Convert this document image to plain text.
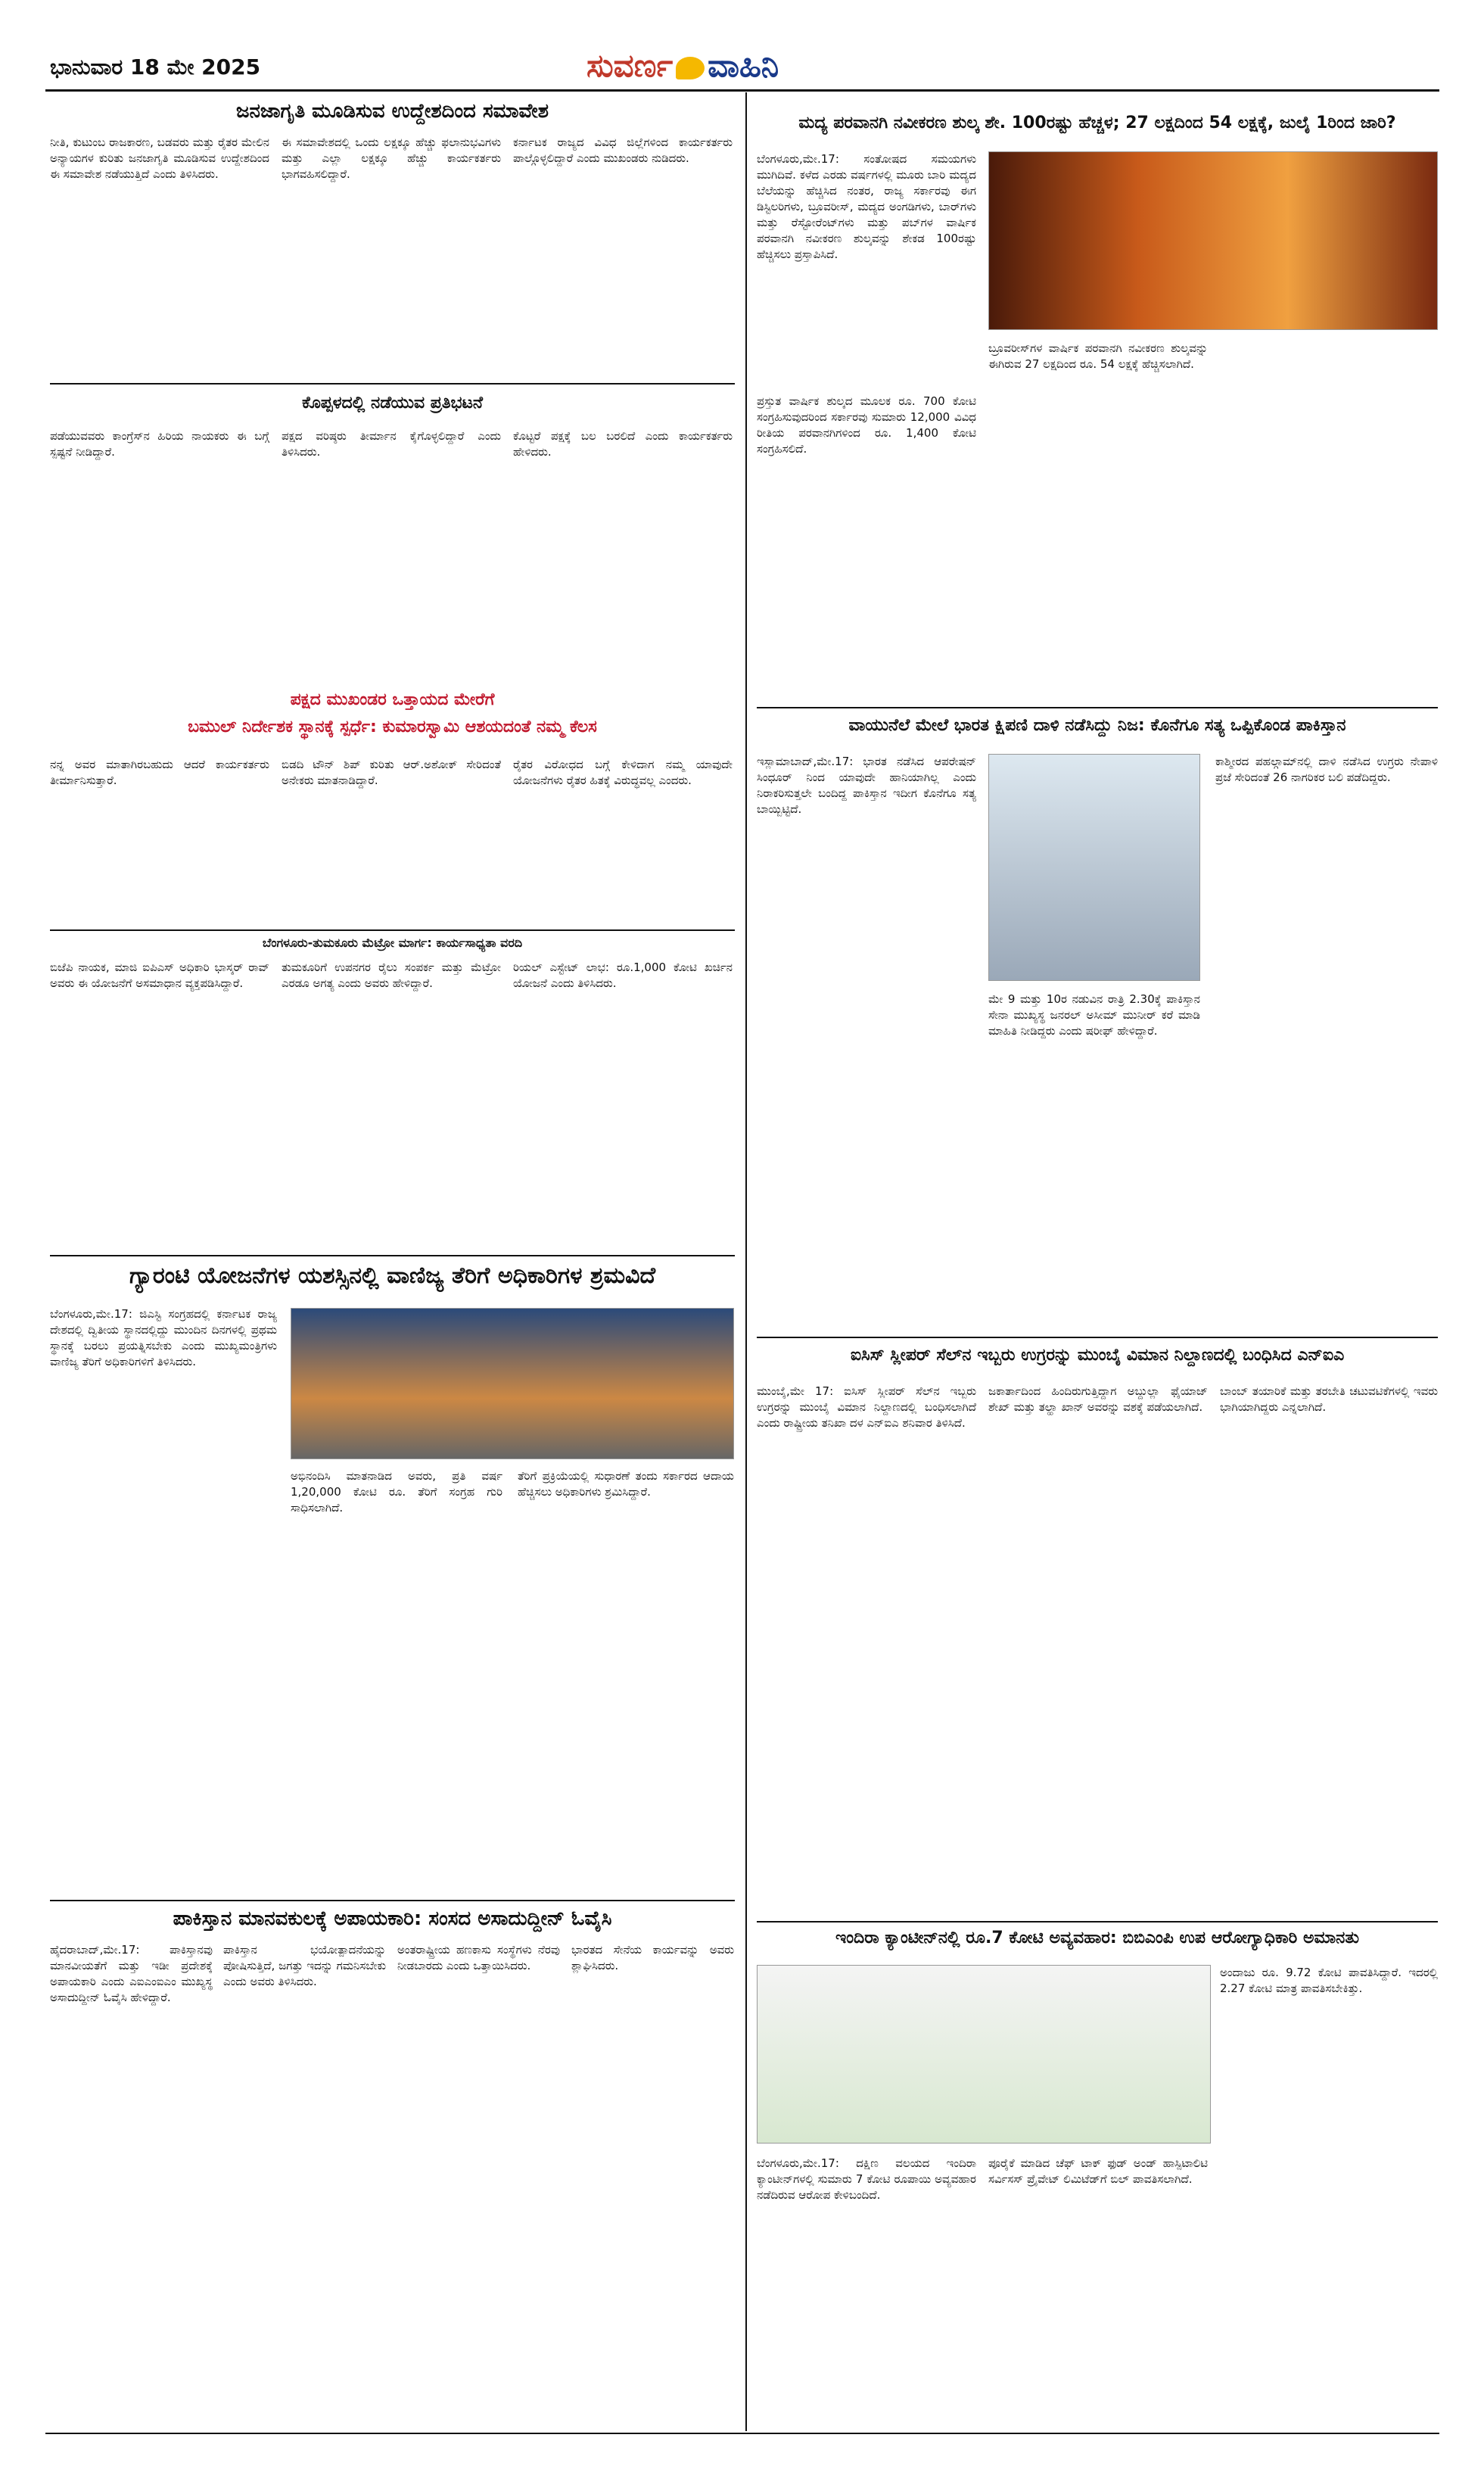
ಭಾನುವಾರ 18 ಮೇ 2025	ಸುವರ್ಣ ವಾಹಿನಿ
ಜನಜಾಗೃತಿ ಮೂಡಿಸುವ ಉದ್ದೇಶದಿಂದ ಸಮಾವೇಶ
ನೀತಿ, ಕುಟುಂಬ ರಾಜಕಾರಣ, ಬಡವರು ಮತ್ತು ರೈತರ ಮೇಲಿನ ಅನ್ಯಾಯಗಳ ಕುರಿತು ಜನಜಾಗೃತಿ ಮೂಡಿಸುವ ಉದ್ದೇಶದಿಂದ ಈ ಸಮಾವೇಶ ನಡೆಯುತ್ತಿದೆ ಎಂದು ತಿಳಿಸಿದರು.
ಈ ಸಮಾವೇಶದಲ್ಲಿ ಒಂದು ಲಕ್ಷಕ್ಕೂ ಹೆಚ್ಚು ಫಲಾನುಭವಿಗಳು ಮತ್ತು ಎಲ್ಲಾ ಲಕ್ಷಕ್ಕೂ ಹೆಚ್ಚು ಕಾರ್ಯಕರ್ತರು ಭಾಗವಹಿಸಲಿದ್ದಾರೆ.
ಕರ್ನಾಟಕ ರಾಜ್ಯದ ವಿವಿಧ ಜಿಲ್ಲೆಗಳಿಂದ ಕಾರ್ಯಕರ್ತರು ಪಾಲ್ಗೊಳ್ಳಲಿದ್ದಾರೆ ಎಂದು ಮುಖಂಡರು ನುಡಿದರು.
ಕೊಪ್ಪಳದಲ್ಲಿ ನಡೆಯುವ ಪ್ರತಿಭಟನೆ
ಪಡೆಯುವವರು ಕಾಂಗ್ರೆಸ್‌ನ ಹಿರಿಯ ನಾಯಕರು ಈ ಬಗ್ಗೆ ಸ್ಪಷ್ಟನೆ ನೀಡಿದ್ದಾರೆ.
ಪಕ್ಷದ ವರಿಷ್ಠರು ತೀರ್ಮಾನ ಕೈಗೊಳ್ಳಲಿದ್ದಾರೆ ಎಂದು ತಿಳಿಸಿದರು.
ಕೊಟ್ಟರೆ ಪಕ್ಷಕ್ಕೆ ಬಲ ಬರಲಿದೆ ಎಂದು ಕಾರ್ಯಕರ್ತರು ಹೇಳಿದರು.
ಪಕ್ಷದ ಮುಖಂಡರ ಒತ್ತಾಯದ ಮೇರೆಗೆ
ಬಮುಲ್ ನಿರ್ದೇಶಕ ಸ್ಥಾನಕ್ಕೆ ಸ್ಪರ್ಧೆ: ಕುಮಾರಸ್ವಾಮಿ ಆಶಯದಂತೆ ನಮ್ಮ ಕೆಲಸ
ನನ್ನ ಅವರ ಮಾತಾಗಿರಬಹುದು ಆದರೆ ಕಾರ್ಯಕರ್ತರು ತೀರ್ಮಾನಿಸುತ್ತಾರೆ.
ಬಿಡದಿ ಟೌನ್ ಶಿಪ್ ಕುರಿತು ಆರ್.ಅಶೋಕ್ ಸೇರಿದಂತೆ ಅನೇಕರು ಮಾತನಾಡಿದ್ದಾರೆ.
ರೈತರ ವಿರೋಧದ ಬಗ್ಗೆ ಕೇಳಿದಾಗ ನಮ್ಮ ಯಾವುದೇ ಯೋಜನೆಗಳು ರೈತರ ಹಿತಕ್ಕೆ ವಿರುದ್ಧವಲ್ಲ ಎಂದರು.
ಬೆಂಗಳೂರು-ತುಮಕೂರು ಮೆಟ್ರೋ ಮಾರ್ಗ: ಕಾರ್ಯಸಾಧ್ಯತಾ ವರದಿ
ಬಿಜೆಪಿ ನಾಯಕ, ಮಾಜಿ ಐಪಿಎಸ್ ಅಧಿಕಾರಿ ಭಾಸ್ಕರ್ ರಾವ್ ಅವರು ಈ ಯೋಜನೆಗೆ ಅಸಮಾಧಾನ ವ್ಯಕ್ತಪಡಿಸಿದ್ದಾರೆ.
ತುಮಕೂರಿಗೆ ಉಪನಗರ ರೈಲು ಸಂಪರ್ಕ ಮತ್ತು ಮೆಟ್ರೋ ಎರಡೂ ಅಗತ್ಯ ಎಂದು ಅವರು ಹೇಳಿದ್ದಾರೆ.
ರಿಯಲ್ ಎಸ್ಟೇಟ್ ಲಾಭ: ರೂ.1,000 ಕೋಟಿ ಖರ್ಚಿನ ಯೋಜನೆ ಎಂದು ತಿಳಿಸಿದರು.
ಗ್ಯಾರಂಟಿ ಯೋಜನೆಗಳ ಯಶಸ್ಸಿನಲ್ಲಿ ವಾಣಿಜ್ಯ ತೆರಿಗೆ ಅಧಿಕಾರಿಗಳ ಶ್ರಮವಿದೆ
ಬೆಂಗಳೂರು,ಮೇ.17: ಜಿಎಸ್ಟಿ ಸಂಗ್ರಹದಲ್ಲಿ ಕರ್ನಾಟಕ ರಾಜ್ಯ ದೇಶದಲ್ಲಿ ದ್ವಿತೀಯ ಸ್ಥಾನದಲ್ಲಿದ್ದು ಮುಂದಿನ ದಿನಗಳಲ್ಲಿ ಪ್ರಥಮ ಸ್ಥಾನಕ್ಕೆ ಬರಲು ಪ್ರಯತ್ನಿಸಬೇಕು ಎಂದು ಮುಖ್ಯಮಂತ್ರಿಗಳು ವಾಣಿಜ್ಯ ತೆರಿಗೆ ಅಧಿಕಾರಿಗಳಿಗೆ ತಿಳಿಸಿದರು.
ಅಭಿನಂದಿಸಿ ಮಾತನಾಡಿದ ಅವರು, ಪ್ರತಿ ವರ್ಷ 1,20,000 ಕೋಟಿ ರೂ. ತೆರಿಗೆ ಸಂಗ್ರಹ ಗುರಿ ಸಾಧಿಸಲಾಗಿದೆ.
ತೆರಿಗೆ ಪ್ರಕ್ರಿಯೆಯಲ್ಲಿ ಸುಧಾರಣೆ ತಂದು ಸರ್ಕಾರದ ಆದಾಯ ಹೆಚ್ಚಿಸಲು ಅಧಿಕಾರಿಗಳು ಶ್ರಮಿಸಿದ್ದಾರೆ.
ಪಾಕಿಸ್ತಾನ ಮಾನವಕುಲಕ್ಕೆ ಅಪಾಯಕಾರಿ: ಸಂಸದ ಅಸಾದುದ್ದೀನ್ ಓವೈಸಿ
ಹೈದರಾಬಾದ್,ಮೇ.17: ಪಾಕಿಸ್ತಾನವು ಮಾನವೀಯತೆಗೆ ಮತ್ತು ಇಡೀ ಪ್ರದೇಶಕ್ಕೆ ಅಪಾಯಕಾರಿ ಎಂದು ಎಐಎಂಐಎಂ ಮುಖ್ಯಸ್ಥ ಅಸಾದುದ್ದೀನ್ ಓವೈಸಿ ಹೇಳಿದ್ದಾರೆ.
ಪಾಕಿಸ್ತಾನ ಭಯೋತ್ಪಾದನೆಯನ್ನು ಪೋಷಿಸುತ್ತಿದೆ, ಜಗತ್ತು ಇದನ್ನು ಗಮನಿಸಬೇಕು ಎಂದು ಅವರು ತಿಳಿಸಿದರು.
ಅಂತರಾಷ್ಟ್ರೀಯ ಹಣಕಾಸು ಸಂಸ್ಥೆಗಳು ನೆರವು ನೀಡಬಾರದು ಎಂದು ಒತ್ತಾಯಿಸಿದರು.
ಭಾರತದ ಸೇನೆಯ ಕಾರ್ಯವನ್ನು ಅವರು ಶ್ಲಾಘಿಸಿದರು.
ಮದ್ಯ ಪರವಾನಗಿ ನವೀಕರಣ ಶುಲ್ಕ ಶೇ. 100ರಷ್ಟು ಹೆಚ್ಚಳ; 27 ಲಕ್ಷದಿಂದ 54 ಲಕ್ಷಕ್ಕೆ, ಜುಲೈ 1ರಿಂದ ಜಾರಿ?
ಬೆಂಗಳೂರು,ಮೇ.17: ಸಂತೋಷದ ಸಮಯಗಳು ಮುಗಿದಿವೆ. ಕಳೆದ ಎರಡು ವರ್ಷಗಳಲ್ಲಿ ಮೂರು ಬಾರಿ ಮದ್ಯದ ಬೆಲೆಯನ್ನು ಹೆಚ್ಚಿಸಿದ ನಂತರ, ರಾಜ್ಯ ಸರ್ಕಾರವು ಈಗ ಡಿಸ್ಟಿಲರಿಗಳು, ಬ್ರೂವರೀಸ್, ಮದ್ಯದ ಅಂಗಡಿಗಳು, ಬಾರ್‌ಗಳು ಮತ್ತು ರೆಸ್ಟೋರೆಂಟ್‌ಗಳು ಮತ್ತು ಪಬ್‌ಗಳ ವಾರ್ಷಿಕ ಪರವಾನಗಿ ನವೀಕರಣ ಶುಲ್ಕವನ್ನು ಶೇಕಡ 100ರಷ್ಟು ಹೆಚ್ಚಿಸಲು ಪ್ರಸ್ತಾಪಿಸಿದೆ.
ಪ್ರಸ್ತುತ ವಾರ್ಷಿಕ ಶುಲ್ಕದ ಮೂಲಕ ರೂ. 700 ಕೋಟಿ ಸಂಗ್ರಹಿಸುವುದರಿಂದ ಸರ್ಕಾರವು ಸುಮಾರು 12,000 ವಿವಿಧ ರೀತಿಯ ಪರವಾನಗಿಗಳಿಂದ ರೂ. 1,400 ಕೋಟಿ ಸಂಗ್ರಹಿಸಲಿದೆ.
ಬ್ರೂವರೀಸ್‌ಗಳ ವಾರ್ಷಿಕ ಪರವಾನಗಿ ನವೀಕರಣ ಶುಲ್ಕವನ್ನು ಈಗಿರುವ 27 ಲಕ್ಷದಿಂದ ರೂ. 54 ಲಕ್ಷಕ್ಕೆ ಹೆಚ್ಚಿಸಲಾಗಿದೆ.
ವಾಯುನೆಲೆ ಮೇಲೆ ಭಾರತ ಕ್ಷಿಪಣಿ ದಾಳಿ ನಡೆಸಿದ್ದು ನಿಜ: ಕೊನೆಗೂ ಸತ್ಯ ಒಪ್ಪಿಕೊಂಡ ಪಾಕಿಸ್ತಾನ
ಇಸ್ಲಾಮಾಬಾದ್,ಮೇ.17: ಭಾರತ ನಡೆಸಿದ ಆಪರೇಷನ್ ಸಿಂಧೂರ್ ನಿಂದ ಯಾವುದೇ ಹಾನಿಯಾಗಿಲ್ಲ ಎಂದು ನಿರಾಕರಿಸುತ್ತಲೇ ಬಂದಿದ್ದ ಪಾಕಿಸ್ತಾನ ಇದೀಗ ಕೊನೆಗೂ ಸತ್ಯ ಬಾಯ್ಬಿಟ್ಟಿದೆ.
ಮೇ 9 ಮತ್ತು 10ರ ನಡುವಿನ ರಾತ್ರಿ 2.30ಕ್ಕೆ ಪಾಕಿಸ್ತಾನ ಸೇನಾ ಮುಖ್ಯಸ್ಥ ಜನರಲ್ ಅಸೀಮ್ ಮುನೀರ್ ಕರೆ ಮಾಡಿ ಮಾಹಿತಿ ನೀಡಿದ್ದರು ಎಂದು ಷರೀಫ್ ಹೇಳಿದ್ದಾರೆ.
ಕಾಶ್ಮೀರದ ಪಹಲ್ಗಾಮ್‌ನಲ್ಲಿ ದಾಳಿ ನಡೆಸಿದ ಉಗ್ರರು ನೇಪಾಳಿ ಪ್ರಜೆ ಸೇರಿದಂತೆ 26 ನಾಗರಿಕರ ಬಲಿ ಪಡೆದಿದ್ದರು.
ಐಸಿಸ್ ಸ್ಲೀಪರ್ ಸೆಲ್‌ನ ಇಬ್ಬರು ಉಗ್ರರನ್ನು ಮುಂಬೈ ವಿಮಾನ ನಿಲ್ದಾಣದಲ್ಲಿ ಬಂಧಿಸಿದ ಎನ್‌ಐಎ
ಮುಂಬೈ,ಮೇ 17: ಐಸಿಸ್ ಸ್ಲೀಪರ್ ಸೆಲ್‌ನ ಇಬ್ಬರು ಉಗ್ರರನ್ನು ಮುಂಬೈ ವಿಮಾನ ನಿಲ್ದಾಣದಲ್ಲಿ ಬಂಧಿಸಲಾಗಿದೆ ಎಂದು ರಾಷ್ಟ್ರೀಯ ತನಿಖಾ ದಳ ಎನ್‌ಐಎ ಶನಿವಾರ ತಿಳಿಸಿದೆ.
ಜಕಾರ್ತಾದಿಂದ ಹಿಂದಿರುಗುತ್ತಿದ್ದಾಗ ಅಬ್ದುಲ್ಲಾ ಫೈಯಾಜ್ ಶೇಖ್ ಮತ್ತು ತಲ್ಹಾ ಖಾನ್ ಅವರನ್ನು ವಶಕ್ಕೆ ಪಡೆಯಲಾಗಿದೆ.
ಬಾಂಬ್ ತಯಾರಿಕೆ ಮತ್ತು ತರಬೇತಿ ಚಟುವಟಿಕೆಗಳಲ್ಲಿ ಇವರು ಭಾಗಿಯಾಗಿದ್ದರು ಎನ್ನಲಾಗಿದೆ.
ಇಂದಿರಾ ಕ್ಯಾಂಟೀನ್‌ನಲ್ಲಿ ರೂ.7 ಕೋಟಿ ಅವ್ಯವಹಾರ: ಬಿಬಿಎಂಪಿ ಉಪ ಆರೋಗ್ಯಾಧಿಕಾರಿ ಅಮಾನತು
ಅಂದಾಜು ರೂ. 9.72 ಕೋಟಿ ಪಾವತಿಸಿದ್ದಾರೆ. ಇದರಲ್ಲಿ 2.27 ಕೋಟಿ ಮಾತ್ರ ಪಾವತಿಸಬೇಕಿತ್ತು.
ಬೆಂಗಳೂರು,ಮೇ.17: ದಕ್ಷಿಣ ವಲಯದ ಇಂದಿರಾ ಕ್ಯಾಂಟೀನ್‌ಗಳಲ್ಲಿ ಸುಮಾರು 7 ಕೋಟಿ ರೂಪಾಯಿ ಅವ್ಯವಹಾರ ನಡೆದಿರುವ ಆರೋಪ ಕೇಳಿಬಂದಿದೆ.
ಪೂರೈಕೆ ಮಾಡಿದ ಚೆಫ್ ಟಾಕ್ ಫುಡ್ ಅಂಡ್ ಹಾಸ್ಪಿಟಾಲಿಟಿ ಸರ್ವಿಸಸ್ ಪ್ರೈವೇಟ್ ಲಿಮಿಟೆಡ್‌ಗೆ ಬಿಲ್ ಪಾವತಿಸಲಾಗಿದೆ.
